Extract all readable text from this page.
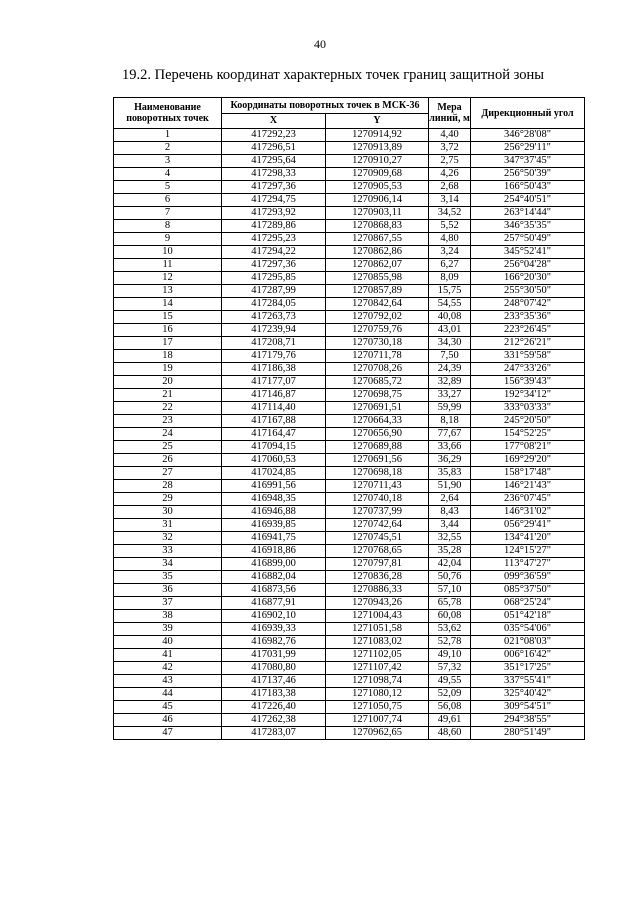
40
19.2. Перечень координат характерных точек границ защитной зоны
Наименование поворотных точек	Координаты поворотных точек в МСК-36		Мера линий, м	Дирекционный угол
	X	Y		
1	417292,23	1270914,92	4,40	346°28'08"
2	417296,51	1270913,89	3,72	256°29'11"
3	417295,64	1270910,27	2,75	347°37'45"
4	417298,33	1270909,68	4,26	256°50'39"
5	417297,36	1270905,53	2,68	166°50'43"
6	417294,75	1270906,14	3,14	254°40'51"
7	417293,92	1270903,11	34,52	263°14'44"
8	417289,86	1270868,83	5,52	346°35'35"
9	417295,23	1270867,55	4,80	257°50'49"
10	417294,22	1270862,86	3,24	345°52'41"
11	417297,36	1270862,07	6,27	256°04'28"
12	417295,85	1270855,98	8,09	166°20'30"
13	417287,99	1270857,89	15,75	255°30'50"
14	417284,05	1270842,64	54,55	248°07'42"
15	417263,73	1270792,02	40,08	233°35'36"
16	417239,94	1270759,76	43,01	223°26'45"
17	417208,71	1270730,18	34,30	212°26'21"
18	417179,76	1270711,78	7,50	331°59'58"
19	417186,38	1270708,26	24,39	247°33'26"
20	417177,07	1270685,72	32,89	156°39'43"
21	417146,87	1270698,75	33,27	192°34'12"
22	417114,40	1270691,51	59,99	333°03'33"
23	417167,88	1270664,33	8,18	245°20'50"
24	417164,47	1270656,90	77,67	154°52'25"
25	417094,15	1270689,88	33,66	177°08'21"
26	417060,53	1270691,56	36,29	169°29'20"
27	417024,85	1270698,18	35,83	158°17'48"
28	416991,56	1270711,43	51,90	146°21'43"
29	416948,35	1270740,18	2,64	236°07'45"
30	416946,88	1270737,99	8,43	146°31'02"
31	416939,85	1270742,64	3,44	056°29'41"
32	416941,75	1270745,51	32,55	134°41'20"
33	416918,86	1270768,65	35,28	124°15'27"
34	416899,00	1270797,81	42,04	113°47'27"
35	416882,04	1270836,28	50,76	099°36'59"
36	416873,56	1270886,33	57,10	085°37'50"
37	416877,91	1270943,26	65,78	068°25'24"
38	416902,10	1271004,43	60,08	051°42'18"
39	416939,33	1271051,58	53,62	035°54'06"
40	416982,76	1271083,02	52,78	021°08'03"
41	417031,99	1271102,05	49,10	006°16'42"
42	417080,80	1271107,42	57,32	351°17'25"
43	417137,46	1271098,74	49,55	337°55'41"
44	417183,38	1271080,12	52,09	325°40'42"
45	417226,40	1271050,75	56,08	309°54'51"
46	417262,38	1271007,74	49,61	294°38'55"
47	417283,07	1270962,65	48,60	280°51'49"
